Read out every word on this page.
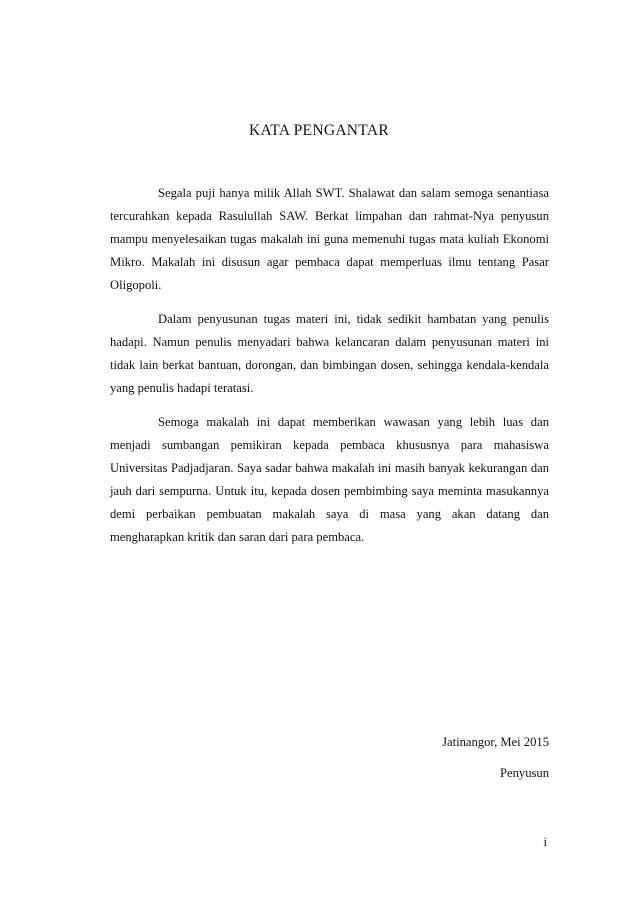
KATA PENGANTAR

Segala puji hanya milik Allah SWT. Shalawat dan salam semoga senantiasa tercurahkan kepada Rasulullah SAW. Berkat limpahan dan rahmat-Nya penyusun mampu menyelesaikan tugas makalah ini guna memenuhi tugas mata kuliah Ekonomi Mikro. Makalah ini disusun agar pembaca dapat memperluas ilmu tentang Pasar Oligopoli.

Dalam penyusunan tugas materi ini, tidak sedikit hambatan yang penulis hadapi. Namun penulis menyadari bahwa kelancaran dalam penyusunan materi ini tidak lain berkat bantuan, dorongan, dan bimbingan dosen, sehingga kendala-kendala yang penulis hadapi teratasi.

Semoga makalah ini dapat memberikan wawasan yang lebih luas dan menjadi sumbangan pemikiran kepada pembaca khususnya para mahasiswa Universitas Padjadjaran. Saya sadar bahwa makalah ini masih banyak kekurangan dan jauh dari sempurna. Untuk itu, kepada dosen pembimbing saya meminta masukannya demi perbaikan pembuatan makalah saya di masa yang akan datang dan mengharapkan kritik dan saran dari para pembaca.

Jatinangor, Mei 2015
Penyusun
i
